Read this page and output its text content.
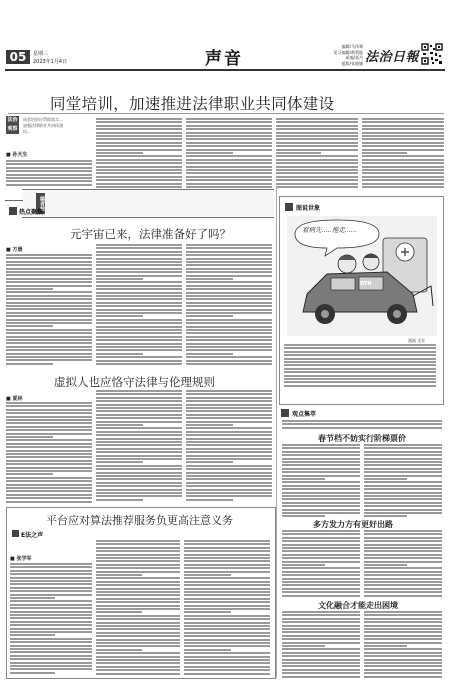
05	星期三
2023年1月4日	声音
编辑/马伟骞
见习编辑/黄利媛
质编/聂丹
组版/张晓婕 法治日報
同堂培训，加速推进法律职业共同体建设
法治
观察
同堂培训应贯彻落实...加强法律职业共同体建设...
■ 孙天生
编者按
热点聚焦
元宇宙已来，法律准备好了吗？
■ 方晨
虚拟人也应恪守法律与伦理规则
■ 夏林
平台应对算法推荐服务负更高注意义务
E法之声
■ 张学军
图说世象
看病先.....拖走......
DYN
漫画 毛业
观点集萃
春节档不妨实行阶梯票价
多方发力方有更好出路
文化融合才能走出困境
